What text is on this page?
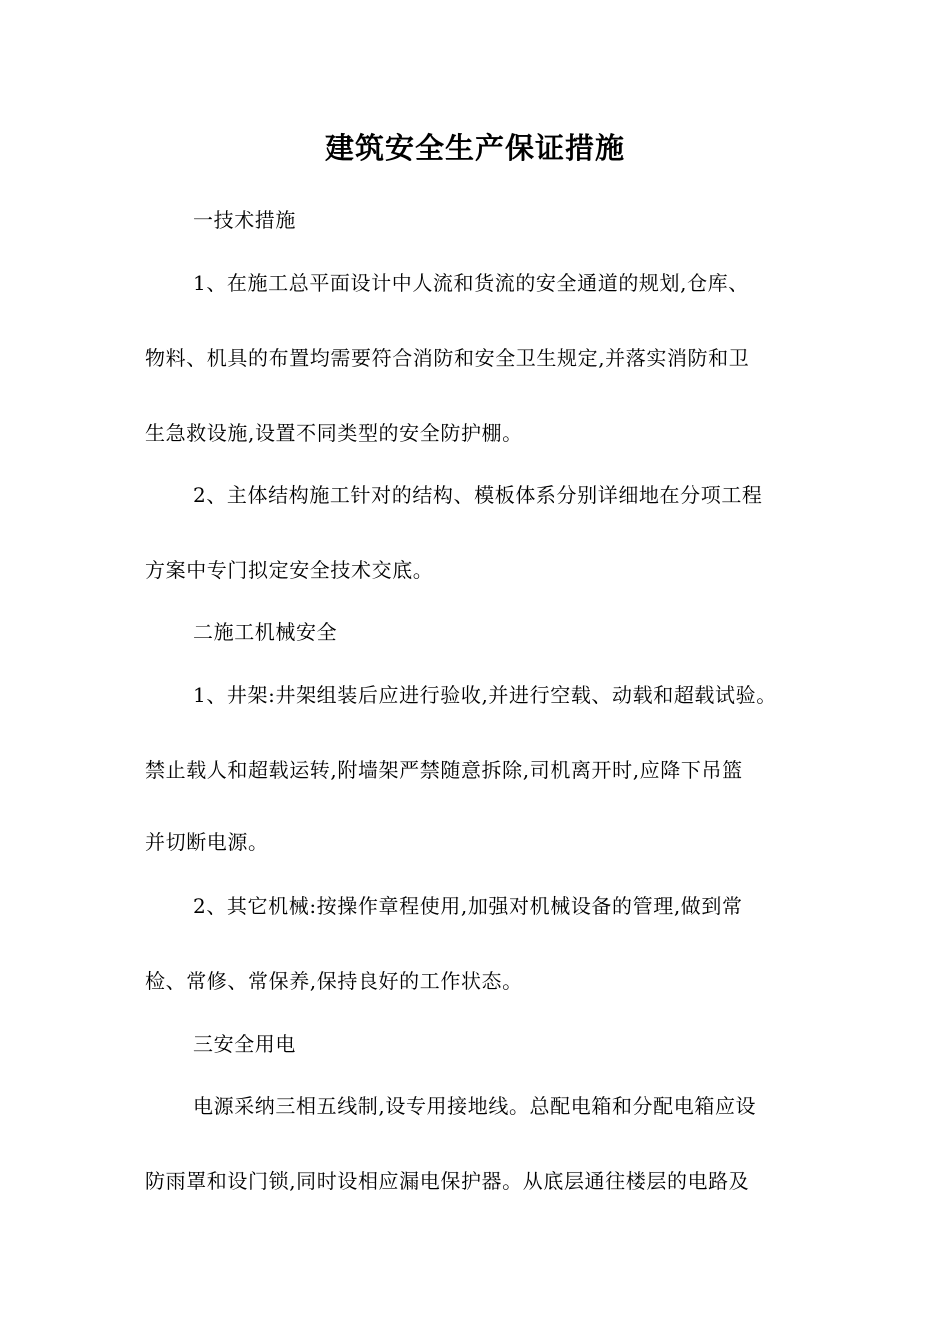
建筑安全生产保证措施
一技术措施
1、在施工总平面设计中人流和货流的安全通道的规划,仓库、
物料、机具的布置均需要符合消防和安全卫生规定,并落实消防和卫
生急救设施,设置不同类型的安全防护棚。
2、主体结构施工针对的结构、模板体系分别详细地在分项工程
方案中专门拟定安全技术交底。
二施工机械安全
1、井架:井架组装后应进行验收,并进行空载、动载和超载试验。
禁止载人和超载运转,附墙架严禁随意拆除,司机离开时,应降下吊篮
并切断电源。
2、其它机械:按操作章程使用,加强对机械设备的管理,做到常
检、常修、常保养,保持良好的工作状态。
三安全用电
电源采纳三相五线制,设专用接地线。总配电箱和分配电箱应设
防雨罩和设门锁,同时设相应漏电保护器。从底层通往楼层的电路及
